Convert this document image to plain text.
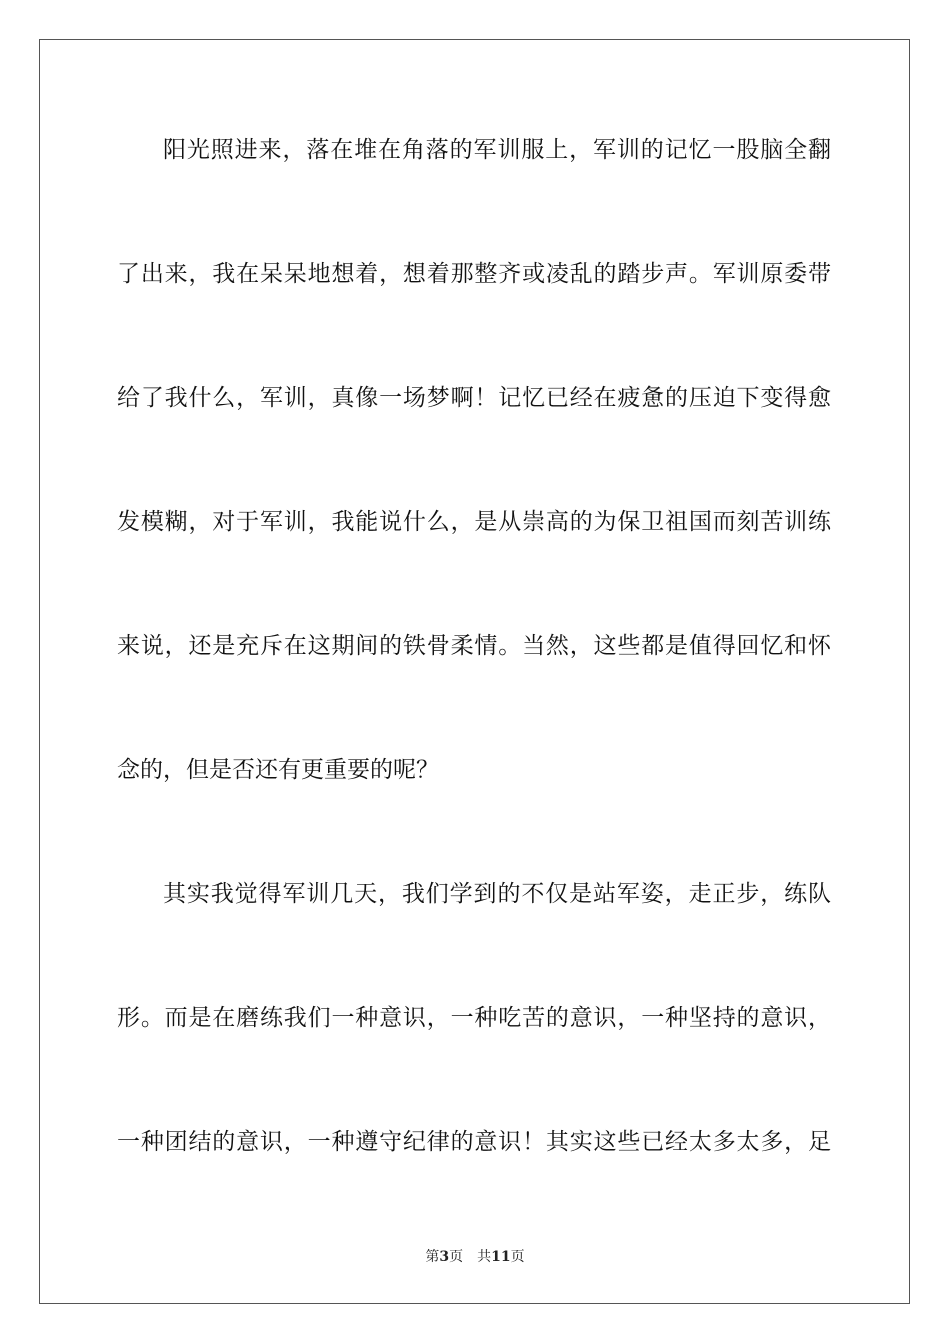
阳光照进来，落在堆在角落的军训服上，军训的记忆一股脑全翻
了出来，我在呆呆地想着，想着那整齐或凌乱的踏步声。军训原委带
给了我什么，军训，真像一场梦啊！记忆已经在疲惫的压迫下变得愈
发模糊，对于军训，我能说什么，是从崇高的为保卫祖国而刻苦训练
来说，还是充斥在这期间的铁骨柔情。当然，这些都是值得回忆和怀
念的，但是否还有更重要的呢？
其实我觉得军训几天，我们学到的不仅是站军姿，走正步，练队
形。而是在磨练我们一种意识，一种吃苦的意识，一种坚持的意识，
一种团结的意识，一种遵守纪律的意识！其实这些已经太多太多，足
第3页 共11页
